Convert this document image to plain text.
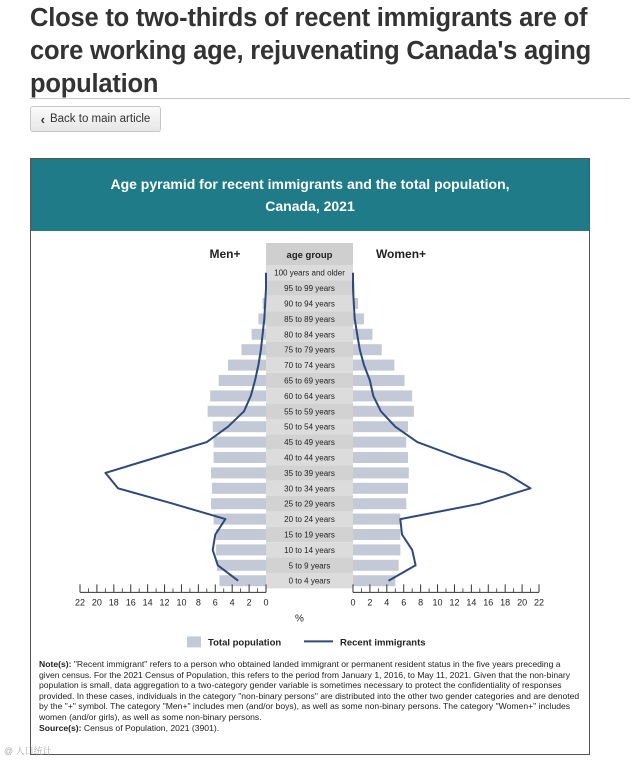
Close to two-thirds of recent immigrants are of core working age, rejuvenating Canada's aging population
‹ Back to main article
Age pyramid for recent immigrants and the total population,
Canada, 2021
Men+	Women+
age group
100 years and older
95 to 99 years
90 to 94 years
85 to 89 years
80 to 84 years
75 to 79 years
70 to 74 years
65 to 69 years
60 to 64 years
55 to 59 years
50 to 54 years
45 to 49 years
40 to 44 years
35 to 39 years
30 to 34 years
25 to 29 years
20 to 24 years
15 to 19 years
10 to 14 years
5 to 9 years
0 to 4 years
0	0
2	2
4	4
6	6
8	8
10	10
12	12
14	14
16	16
18	18
20	20
22	22
%
Total population	Recent immigrants
Note(s): "Recent immigrant" refers to a person who obtained landed immigrant or permanent resident status in the five years preceding a given census. For the 2021 Census of Population, this refers to the period from January 1, 2016, to May 11, 2021. Given that the non-binary population is small, data aggregation to a two-category gender variable is sometimes necessary to protect the confidentiality of responses provided. In these cases, individuals in the category "non-binary persons" are distributed into the other two gender categories and are denoted by the "+" symbol. The category "Men+" includes men (and/or boys), as well as some non-binary persons. The category "Women+" includes women (and/or girls), as well as some non-binary persons.
Source(s): Census of Population, 2021 (3901).
@ 人口统计
